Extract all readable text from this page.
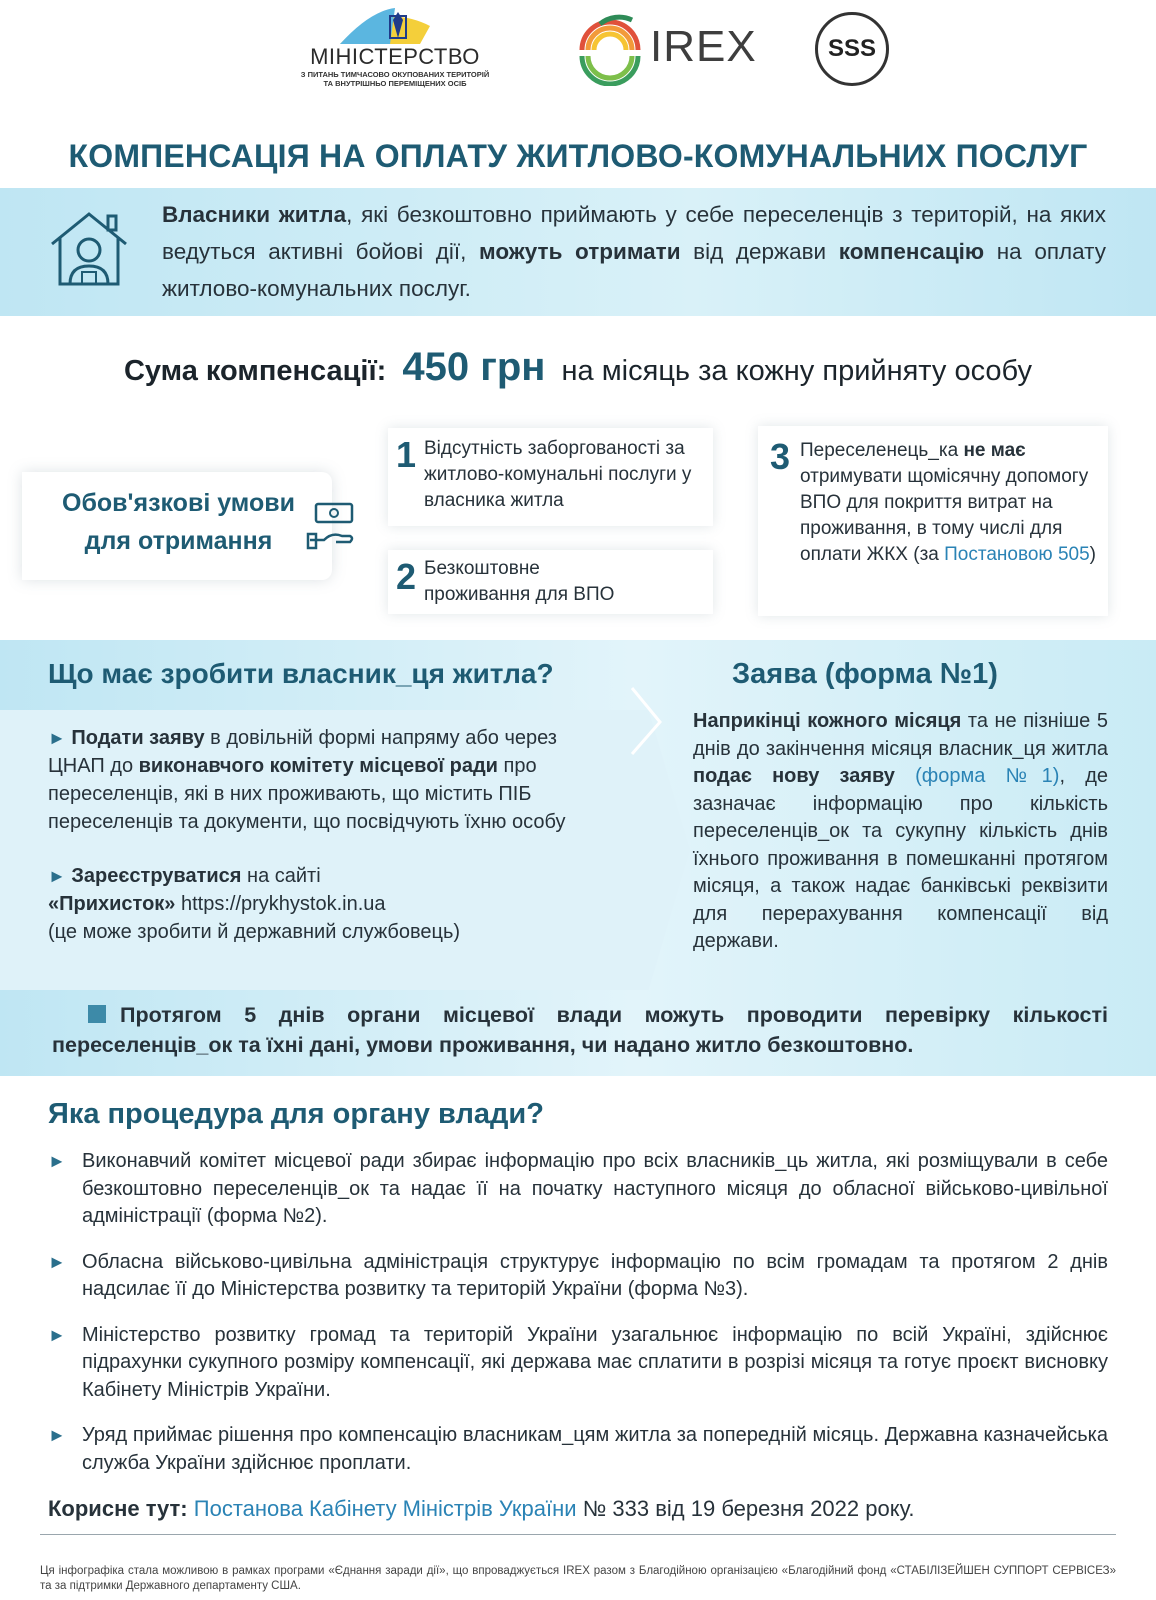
МІНІСТЕРСТВО
З ПИТАНЬ ТИМЧАСОВО ОКУПОВАНИХ ТЕРИТОРІЙ
ТА ВНУТРІШНЬО ПЕРЕМІЩЕНИХ ОСІБ
IREX	SSS
КОМПЕНСАЦІЯ НА ОПЛАТУ ЖИТЛОВО-КОМУНАЛЬНИХ ПОСЛУГ
Власники житла, які безкоштовно приймають у себе переселенців з територій, на яких ведуться активні бойові дії, можуть отримати від держави компенсацію на оплату житлово-комунальних послуг.
Сума компенсації: 450 грн на місяць за кожну прийняту особу
Обов'язкові умови для отримання
1 Відсутність заборгованості за житлово-комунальні послуги у власника житла
2 Безкоштовне проживання для ВПО
3 Переселенець_ка не має отримувати щомісячну допомогу ВПО для покриття витрат на проживання, в тому числі для оплати ЖКХ (за Постановою 505)
Що має зробити власник_ця житла?	Заява (форма №1)

► Подати заяву в довільній формі напряму або через ЦНАП до виконавчого комітету місцевої ради про переселенців, які в них проживають, що містить ПІБ переселенців та документи, що посвідчують їхню особу

► Зареєструватися на сайті
«Прихисток» https://prykhystok.in.ua
(це може зробити й державний службовець)

Наприкінці кожного місяця та не пізніше 5 днів до закінчення місяця власник_ця житла подає нову заяву (форма №1), де зазначає інформацію про кількість переселенців_ок та сукупну кількість днів їхнього проживання в помешканні протягом місяця, а також надає банківські реквізити для перерахування компенсації від держави.
Протягом 5 днів органи місцевої влади можуть проводити перевірку кількості переселенців_ок та їхні дані, умови проживання, чи надано житло безкоштовно.
Яка процедура для органу влади?
► Виконавчий комітет місцевої ради збирає інформацію про всіх власників_ць житла, які розміщували в себе безкоштовно переселенців_ок та надає її на початку наступного місяця до обласної військово-цивільної адміністрації (форма №2).
► Обласна військово-цивільна адміністрація структурує інформацію по всім громадам та протягом 2 днів надсилає її до Міністерства розвитку та територій України (форма №3).
► Міністерство розвитку громад та територій України узагальнює інформацію по всій Україні, здійснює підрахунки сукупного розміру компенсації, які держава має сплатити в розрізі місяця та готує проєкт висновку Кабінету Міністрів України.
► Уряд приймає рішення про компенсацію власникам_цям житла за попередній місяць. Державна казначейська служба України здійснює проплати.
Корисне тут: Постанова Кабінету Міністрів України № 333 від 19 березня 2022 року.
Ця інфографіка стала можливою в рамках програми «Єднання заради дії», що впроваджується IREX разом з Благодійною організацією «Благодійний фонд «СТАБІЛІЗЕЙШЕН СУППОРТ СЕРВІСЕЗ» та за підтримки Державного департаменту США.
